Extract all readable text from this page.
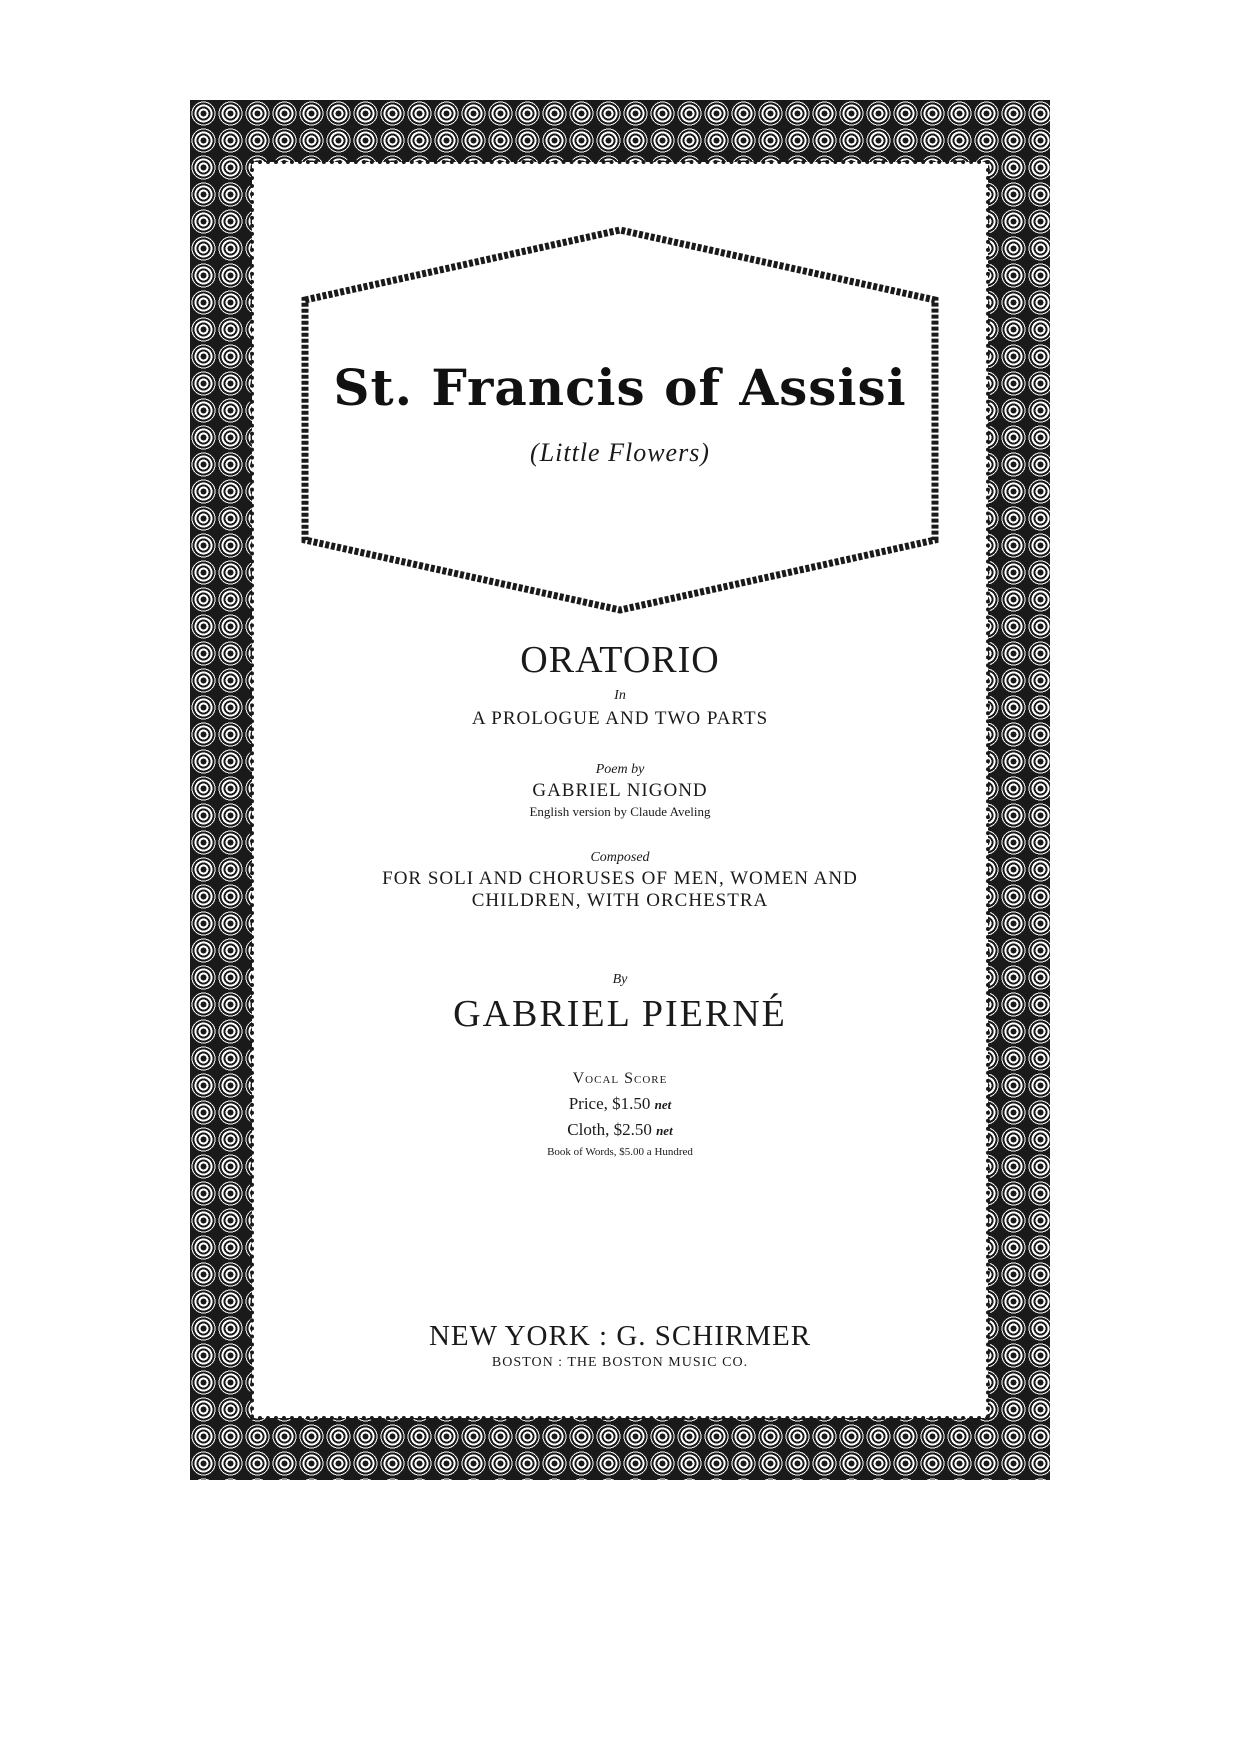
St. Francis of Assisi
(Little Flowers)
ORATORIO
In
A PROLOGUE AND TWO PARTS
Poem by
GABRIEL NIGOND
English version by Claude Aveling
Composed
FOR SOLI AND CHORUSES OF MEN, WOMEN AND
CHILDREN, WITH ORCHESTRA
By
GABRIEL PIERNÉ
Vocal Score
Price, $1.50 net
Cloth, $2.50 net
Book of Words, $5.00 a Hundred
NEW YORK : G. SCHIRMER
BOSTON : THE BOSTON MUSIC CO.
